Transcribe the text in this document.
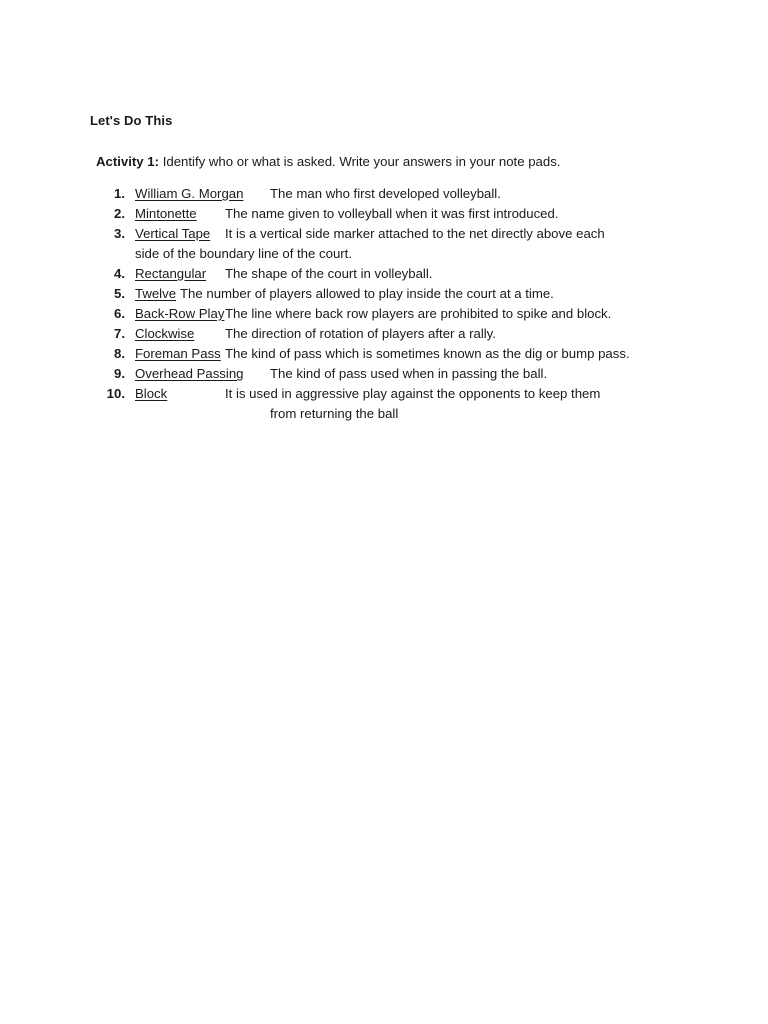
Let's Do This
Activity 1: Identify who or what is asked. Write your answers in your note pads.
1. William G. Morgan The man who first developed volleyball.
2. Mintonette The name given to volleyball when it was first introduced.
3. Vertical Tape It is a vertical side marker attached to the net directly above each
side of the boundary line of the court.
4. Rectangular The shape of the court in volleyball.
5. Twelve The number of players allowed to play inside the court at a time.
6. Back-Row Play The line where back row players are prohibited to spike and block.
7. Clockwise The direction of rotation of players after a rally.
8. Foreman Pass The kind of pass which is sometimes known as the dig or bump pass.
9. Overhead Passing The kind of pass used when in passing the ball.
10. Block	It is used in aggressive play against the opponents to keep them
from returning the ball
